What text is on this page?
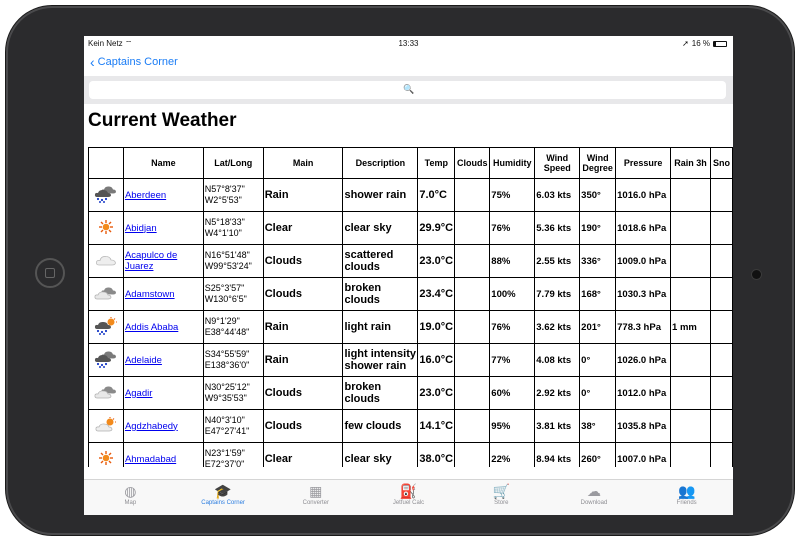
Kein Netz ⌔	13:33	➚ 16 %
‹ Captains Corner
🔍
Current Weather
	Name	Lat/Long	Main	Description	Temp	Clouds	Humidity	Wind Speed	Wind Degree	Pressure	Rain 3h	Sno
	Aberdeen	N57°8'37"
W2°5'53"	Rain	shower rain	7.0°C		75%	6.03 kts	350°	1016.0 hPa		
	Abidjan	N5°18'33"
W4°1'10"	Clear	clear sky	29.9°C		76%	5.36 kts	190°	1018.6 hPa		
	Acapulco de Juarez	N16°51'48"
W99°53'24"	Clouds	scattered clouds	23.0°C		88%	2.55 kts	336°	1009.0 hPa		
	Adamstown	S25°3'57"
W130°6'5"	Clouds	broken clouds	23.4°C		100%	7.79 kts	168°	1030.3 hPa		
	Addis Ababa	N9°1'29"
E38°44'48"	Rain	light rain	19.0°C		76%	3.62 kts	201°	778.3 hPa	1 mm	
	Adelaide	S34°55'59"
E138°36'0"	Rain	light intensity shower rain	16.0°C		77%	4.08 kts	0°	1026.0 hPa		
	Agadir	N30°25'12"
W9°35'53"	Clouds	broken clouds	23.0°C		60%	2.92 kts	0°	1012.0 hPa		
	Agdzhabedy	N40°3'10"
E47°27'41"	Clouds	few clouds	14.1°C		95%	3.81 kts	38°	1035.8 hPa		
	Ahmadabad	N23°1'59"
E72°37'0"	Clear	clear sky	38.0°C		22%	8.94 kts	260°	1007.0 hPa		

◍
Map
🎓
Captains Corner
▦
Converter
⛽
Jetfuel Calc
🛒
Store
☁
Download
👥
Friends
